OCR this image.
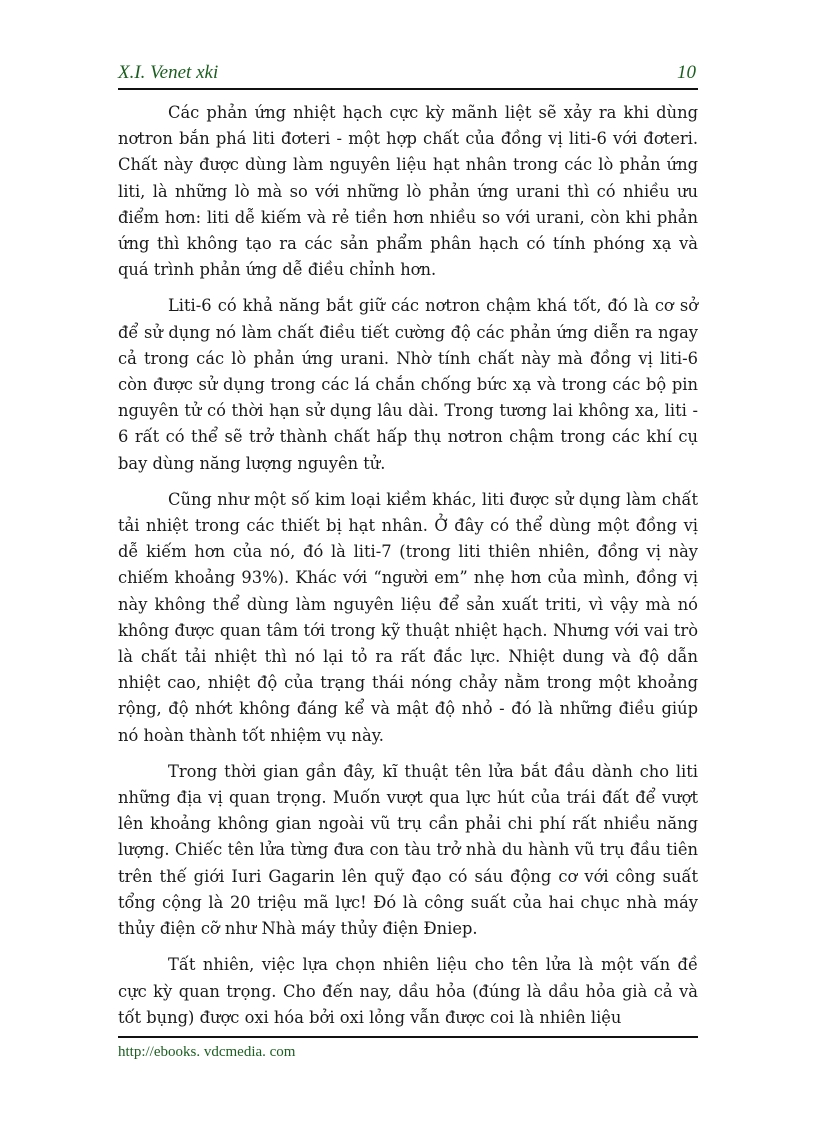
X.I. Venet xki	10

Các phản ứng nhiệt hạch cực kỳ mãnh liệt sẽ xảy ra khi dùng nơtron bắn phá liti đơteri - một hợp chất của đồng vị liti-6 với đơteri. Chất này được dùng làm nguyên liệu hạt nhân trong các lò phản ứng liti, là những lò mà so với những lò phản ứng urani thì có nhiều ưu điểm hơn: liti dễ kiếm và rẻ tiền hơn nhiều so với urani, còn khi phản ứng thì không tạo ra các sản phẩm phân hạch có tính phóng xạ và quá trình phản ứng dễ điều chỉnh hơn.

Liti-6 có khả năng bắt giữ các nơtron chậm khá tốt, đó là cơ sở để sử dụng nó làm chất điều tiết cường độ các phản ứng diễn ra ngay cả trong các lò phản ứng urani. Nhờ tính chất này mà đồng vị liti-6 còn được sử dụng trong các lá chắn chống bức xạ và trong các bộ pin nguyên tử có thời hạn sử dụng lâu dài. Trong tương lai không xa, liti - 6 rất có thể sẽ trở thành chất hấp thụ nơtron chậm trong các khí cụ bay dùng năng lượng nguyên tử.

Cũng như một số kim loại kiềm khác, liti được sử dụng làm chất tải nhiệt trong các thiết bị hạt nhân. Ở đây có thể dùng một đồng vị dễ kiếm hơn của nó, đó là liti-7 (trong liti thiên nhiên, đồng vị này chiếm khoảng 93%). Khác với “người em” nhẹ hơn của mình, đồng vị này không thể dùng làm nguyên liệu để sản xuất triti, vì vậy mà nó không được quan tâm tới trong kỹ thuật nhiệt hạch. Nhưng với vai trò là chất tải nhiệt thì nó lại tỏ ra rất đắc lực. Nhiệt dung và độ dẫn nhiệt cao, nhiệt độ của trạng thái nóng chảy nằm trong một khoảng rộng, độ nhớt không đáng kể và mật độ nhỏ - đó là những điều giúp nó hoàn thành tốt nhiệm vụ này.

Trong thời gian gần đây, kĩ thuật tên lửa bắt đầu dành cho liti những địa vị quan trọng. Muốn vượt qua lực hút của trái đất để vượt lên khoảng không gian ngoài vũ trụ cần phải chi phí rất nhiều năng lượng. Chiếc tên lửa từng đưa con tàu trở nhà du hành vũ trụ đầu tiên trên thế giới Iuri Gagarin lên quỹ đạo có sáu động cơ với công suất tổng cộng là 20 triệu mã lực! Đó là công suất của hai chục nhà máy thủy điện cỡ như Nhà máy thủy điện Đniep.

Tất nhiên, việc lựa chọn nhiên liệu cho tên lửa là một vấn đề cực kỳ quan trọng. Cho đến nay, dầu hỏa (đúng là dầu hỏa già cả và tốt bụng) được oxi hóa bởi oxi lỏng vẫn được coi là nhiên liệu

http://ebooks. vdcmedia. com
